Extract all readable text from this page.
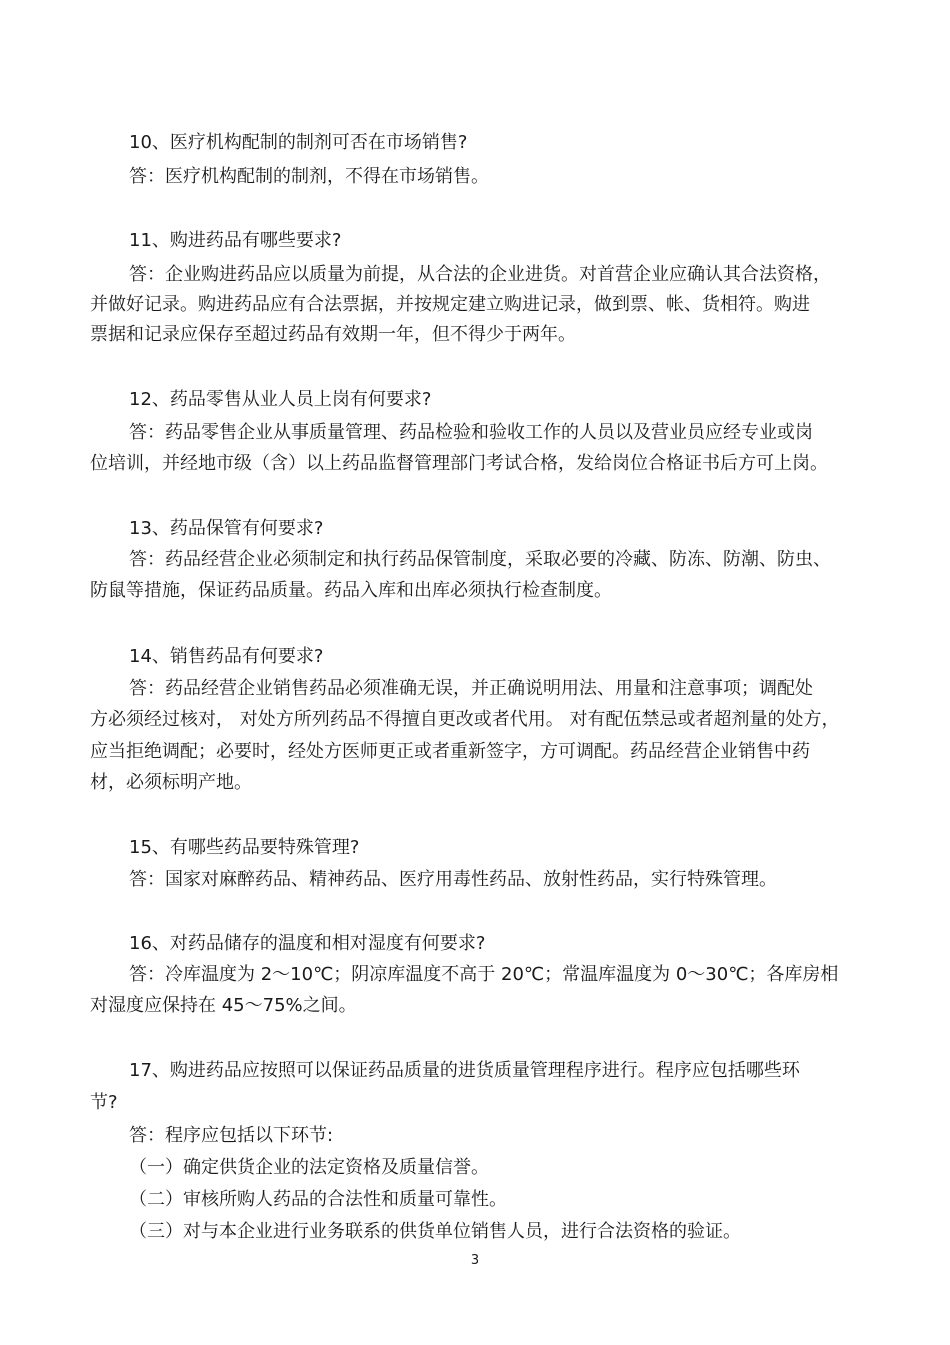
10、医疗机构配制的制剂可否在市场销售?
答：医疗机构配制的制剂，不得在市场销售。
11、购进药品有哪些要求?
答：企业购进药品应以质量为前提，从合法的企业进货。对首营企业应确认其合法资格，
并做好记录。购进药品应有合法票据，并按规定建立购进记录，做到票、帐、货相符。购进
票据和记录应保存至超过药品有效期一年，但不得少于两年。
12、药品零售从业人员上岗有何要求?
答：药品零售企业从事质量管理、药品检验和验收工作的人员以及营业员应经专业或岗
位培训，并经地市级（含）以上药品监督管理部门考试合格，发给岗位合格证书后方可上岗。
13、药品保管有何要求?
答：药品经营企业必须制定和执行药品保管制度，采取必要的冷藏、防冻、防潮、防虫、
防鼠等措施，保证药品质量。药品入库和出库必须执行检查制度。
14、销售药品有何要求?
答：药品经营企业销售药品必须准确无误，并正确说明用法、用量和注意事项；调配处
方必须经过核对， 对处方所列药品不得擅自更改或者代用。 对有配伍禁忌或者超剂量的处方，
应当拒绝调配；必要时，经处方医师更正或者重新签字，方可调配。药品经营企业销售中药
材，必须标明产地。
15、有哪些药品要特殊管理?
答：国家对麻醉药品、精神药品、医疗用毒性药品、放射性药品，实行特殊管理。
16、对药品储存的温度和相对湿度有何要求?
答：冷库温度为 2～10℃；阴凉库温度不高于 20℃；常温库温度为 0～30℃；各库房相
对湿度应保持在 45～75%之间。
17、购进药品应按照可以保证药品质量的进货质量管理程序进行。程序应包括哪些环
节?
答：程序应包括以下环节:
（一）确定供货企业的法定资格及质量信誉。
（二）审核所购人药品的合法性和质量可靠性。
（三）对与本企业进行业务联系的供货单位销售人员，进行合法资格的验证。
3
